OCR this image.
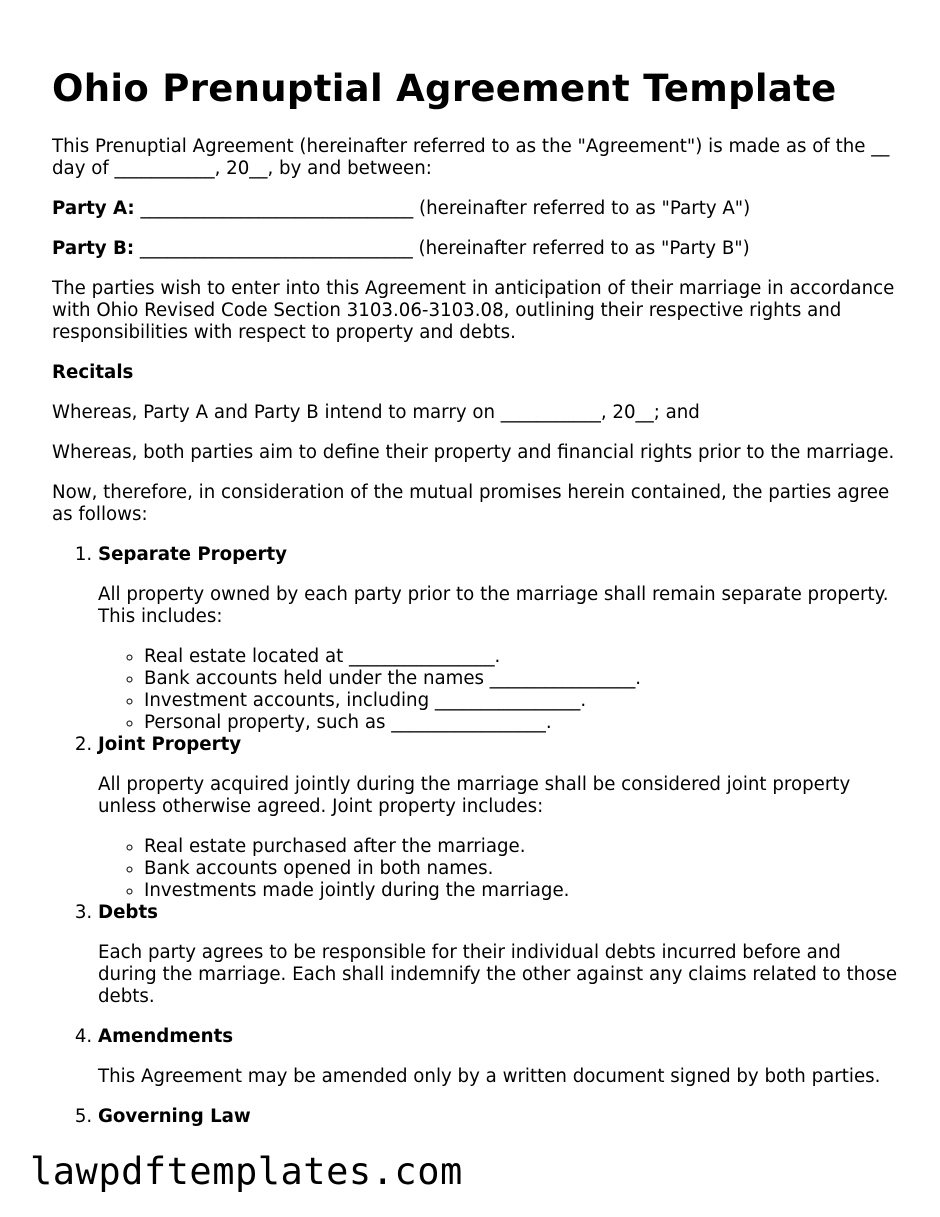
Ohio Prenuptial Agreement Template

This Prenuptial Agreement (hereinafter referred to as the "Agreement") is made as of the __ day of ___________, 20__, by and between:

Party A: ______________________________ (hereinafter referred to as "Party A")

Party B: ______________________________ (hereinafter referred to as "Party B")

The parties wish to enter into this Agreement in anticipation of their marriage in accordance with Ohio Revised Code Section 3103.06-3103.08, outlining their respective rights and responsibilities with respect to property and debts.

Recitals

Whereas, Party A and Party B intend to marry on ___________, 20__; and

Whereas, both parties aim to define their property and financial rights prior to the marriage.

Now, therefore, in consideration of the mutual promises herein contained, the parties agree as follows:

1. Separate Property

All property owned by each party prior to the marriage shall remain separate property. This includes:

◦ Real estate located at ________________.
◦ Bank accounts held under the names ________________.
◦ Investment accounts, including ________________.
◦ Personal property, such as _________________.
2. Joint Property

All property acquired jointly during the marriage shall be considered joint property unless otherwise agreed. Joint property includes:

◦ Real estate purchased after the marriage.
◦ Bank accounts opened in both names.
◦ Investments made jointly during the marriage.
3. Debts

Each party agrees to be responsible for their individual debts incurred before and during the marriage. Each shall indemnify the other against any claims related to those debts.

4. Amendments

This Agreement may be amended only by a written document signed by both parties.

5. Governing Law
lawpdftemplates.com
